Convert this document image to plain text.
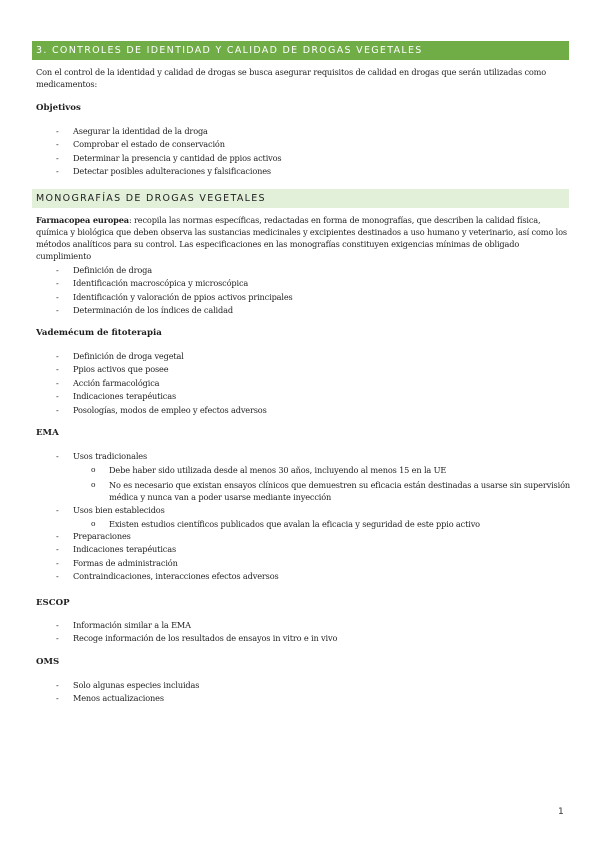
3. CONTROLES DE IDENTIDAD Y CALIDAD DE DROGAS VEGETALES
Con el control de la identidad y calidad de drogas se busca asegurar requisitos de calidad en drogas que serán utilizadas como medicamentos:
Objetivos
- Asegurar la identidad de la droga
- Comprobar el estado de conservación
- Determinar la presencia y cantidad de ppios activos
- Detectar posibles adulteraciones y falsificaciones
MONOGRAFÍAS DE DROGAS VEGETALES
Farmacopea europea: recopila las normas específicas, redactadas en forma de monografías, que describen la calidad física, química y biológica que deben observa las sustancias medicinales y excipientes destinados a uso humano y veterinario, así como los métodos analíticos para su control. Las especificaciones en las monografías constituyen exigencias mínimas de obligado cumplimiento
- Definición de droga
- Identificación macroscópica y microscópica
- Identificación y valoración de ppios activos principales
- Determinación de los índices de calidad
Vademécum de fitoterapia
- Definición de droga vegetal
- Ppios activos que posee
- Acción farmacológica
- Indicaciones terapéuticas
- Posologías, modos de empleo y efectos adversos
EMA
- Usos tradicionales
o Debe haber sido utilizada desde al menos 30 años, incluyendo al menos 15 en la UE
o No es necesario que existan ensayos clínicos que demuestren su eficacia están destinadas a usarse sin supervisión médica y nunca van a poder usarse mediante inyección
- Usos bien establecidos
o Existen estudios científicos publicados que avalan la eficacia y seguridad de este ppio activo
- Preparaciones
- Indicaciones terapéuticas
- Formas de administración
- Contraindicaciones, interacciones efectos adversos
ESCOP
- Información similar a la EMA
- Recoge información de los resultados de ensayos in vitro e in vivo
OMS
- Solo algunas especies incluidas
- Menos actualizaciones
1
